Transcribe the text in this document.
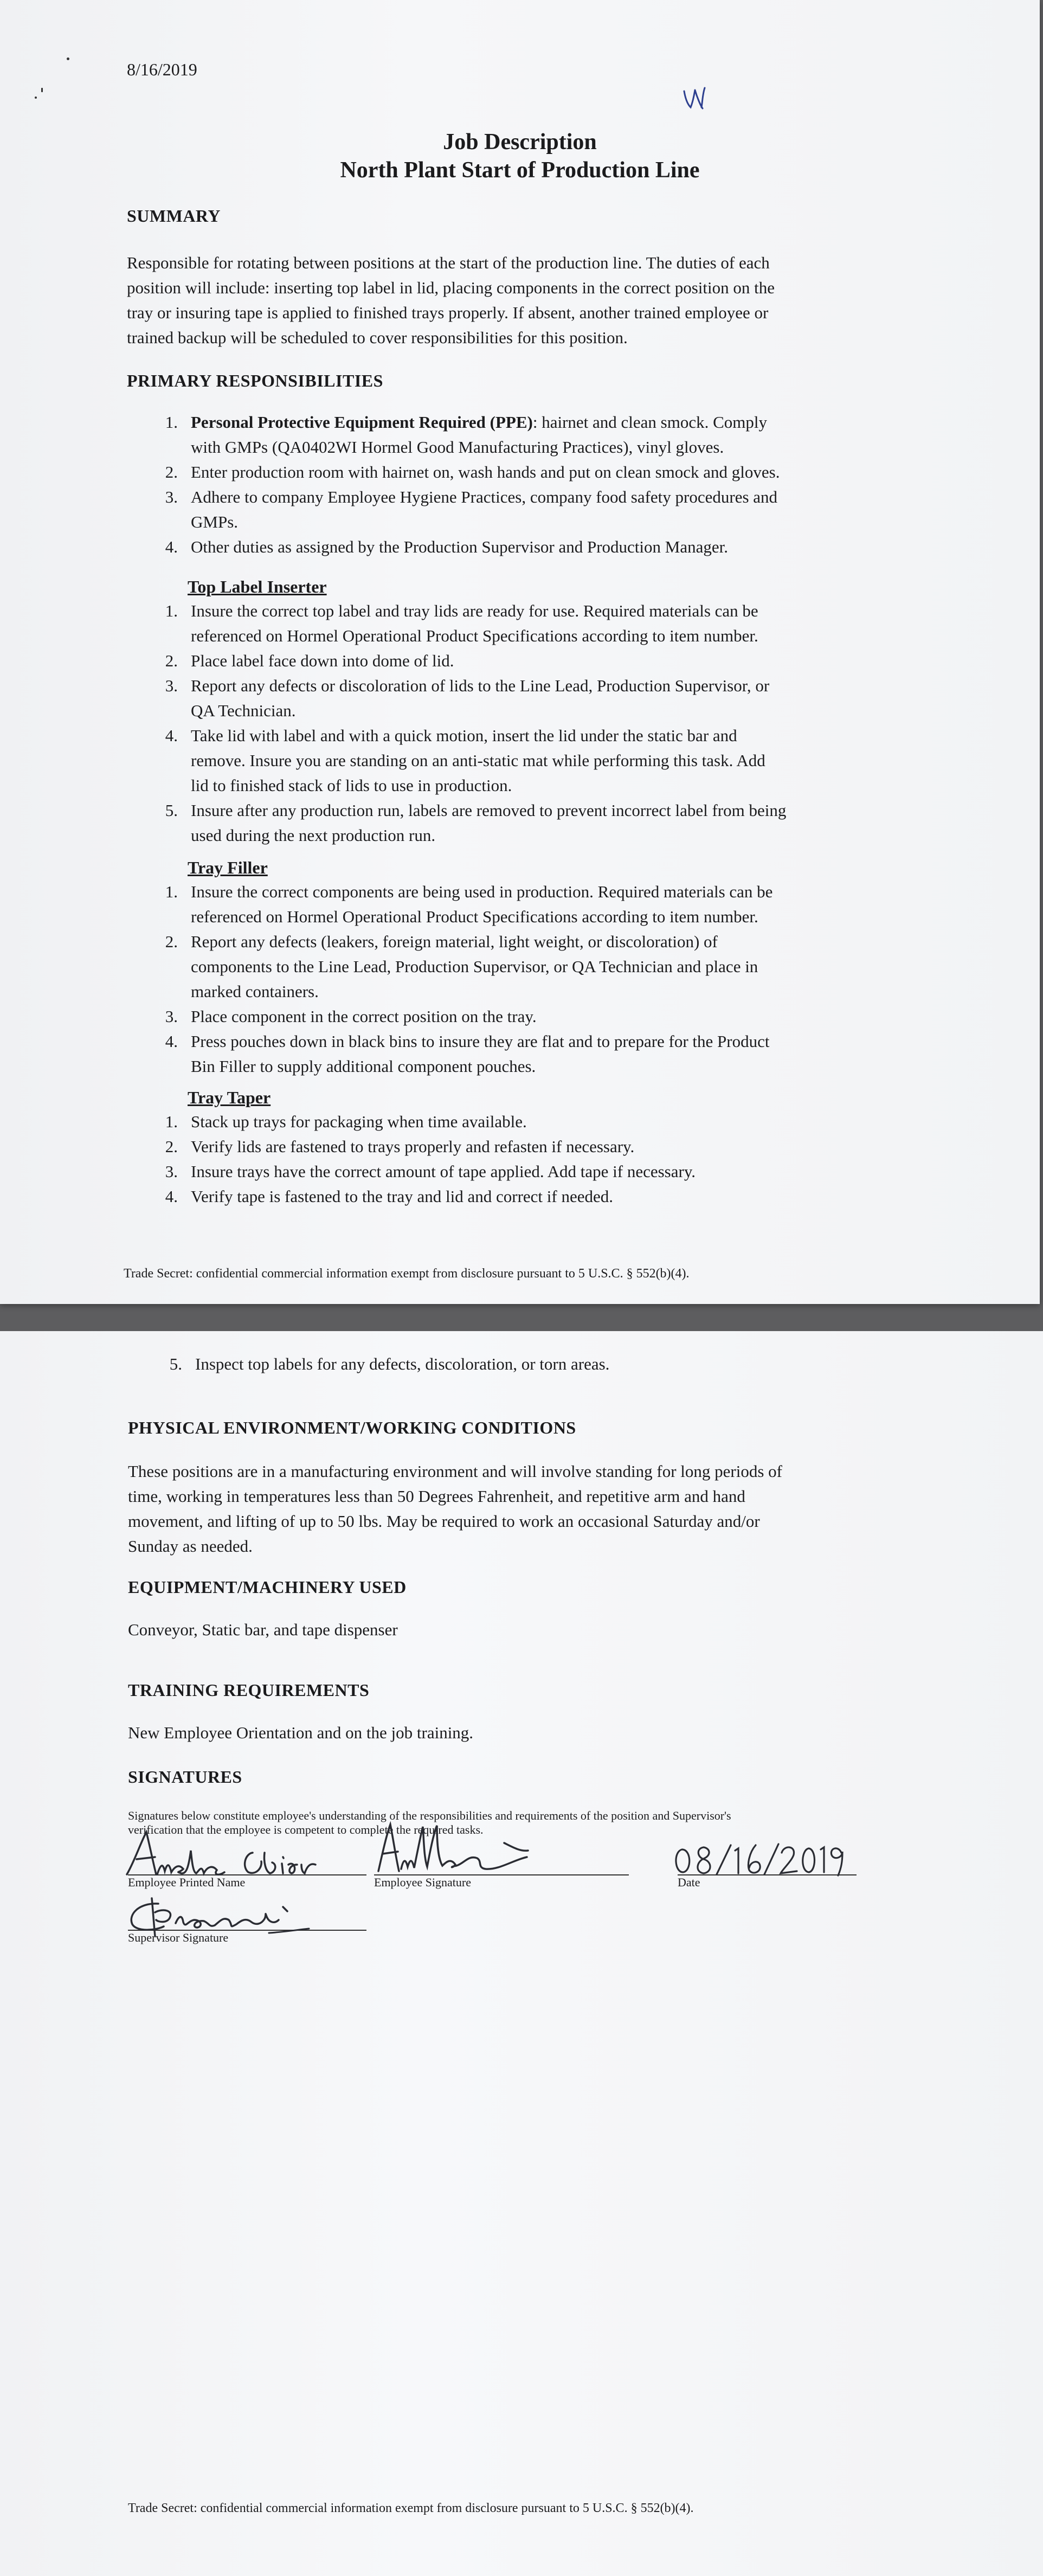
8/16/2019
Job Description
North Plant Start of Production Line
SUMMARY
Responsible for rotating between positions at the start of the production line. The duties of each
position will include: inserting top label in lid, placing components in the correct position on the
tray or insuring tape is applied to finished trays properly. If absent, another trained employee or
trained backup will be scheduled to cover responsibilities for this position.
PRIMARY RESPONSIBILITIES
1. Personal Protective Equipment Required (PPE): hairnet and clean smock. Comply
with GMPs (QA0402WI Hormel Good Manufacturing Practices), vinyl gloves.
2. Enter production room with hairnet on, wash hands and put on clean smock and gloves.
3. Adhere to company Employee Hygiene Practices, company food safety procedures and
GMPs.
4. Other duties as assigned by the Production Supervisor and Production Manager.
Top Label Inserter
1. Insure the correct top label and tray lids are ready for use. Required materials can be
referenced on Hormel Operational Product Specifications according to item number.
2. Place label face down into dome of lid.
3. Report any defects or discoloration of lids to the Line Lead, Production Supervisor, or
QA Technician.
4. Take lid with label and with a quick motion, insert the lid under the static bar and
remove. Insure you are standing on an anti-static mat while performing this task. Add
lid to finished stack of lids to use in production.
5. Insure after any production run, labels are removed to prevent incorrect label from being
used during the next production run.
Tray Filler
1. Insure the correct components are being used in production. Required materials can be
referenced on Hormel Operational Product Specifications according to item number.
2. Report any defects (leakers, foreign material, light weight, or discoloration) of
components to the Line Lead, Production Supervisor, or QA Technician and place in
marked containers.
3. Place component in the correct position on the tray.
4. Press pouches down in black bins to insure they are flat and to prepare for the Product
Bin Filler to supply additional component pouches.
Tray Taper
1. Stack up trays for packaging when time available.
2. Verify lids are fastened to trays properly and refasten if necessary.
3. Insure trays have the correct amount of tape applied. Add tape if necessary.
4. Verify tape is fastened to the tray and lid and correct if needed.
Trade Secret: confidential commercial information exempt from disclosure pursuant to 5 U.S.C. § 552(b)(4).
5. Inspect top labels for any defects, discoloration, or torn areas.
PHYSICAL ENVIRONMENT/WORKING CONDITIONS
These positions are in a manufacturing environment and will involve standing for long periods of
time, working in temperatures less than 50 Degrees Fahrenheit, and repetitive arm and hand
movement, and lifting of up to 50 lbs. May be required to work an occasional Saturday and/or
Sunday as needed.
EQUIPMENT/MACHINERY USED
Conveyor, Static bar, and tape dispenser
TRAINING REQUIREMENTS
New Employee Orientation and on the job training.
SIGNATURES
Signatures below constitute employee's understanding of the responsibilities and requirements of the position and Supervisor's
verification that the employee is competent to complete the required tasks.
Employee Printed Name	Employee Signature	Date
Supervisor Signature
Trade Secret: confidential commercial information exempt from disclosure pursuant to 5 U.S.C. § 552(b)(4).
